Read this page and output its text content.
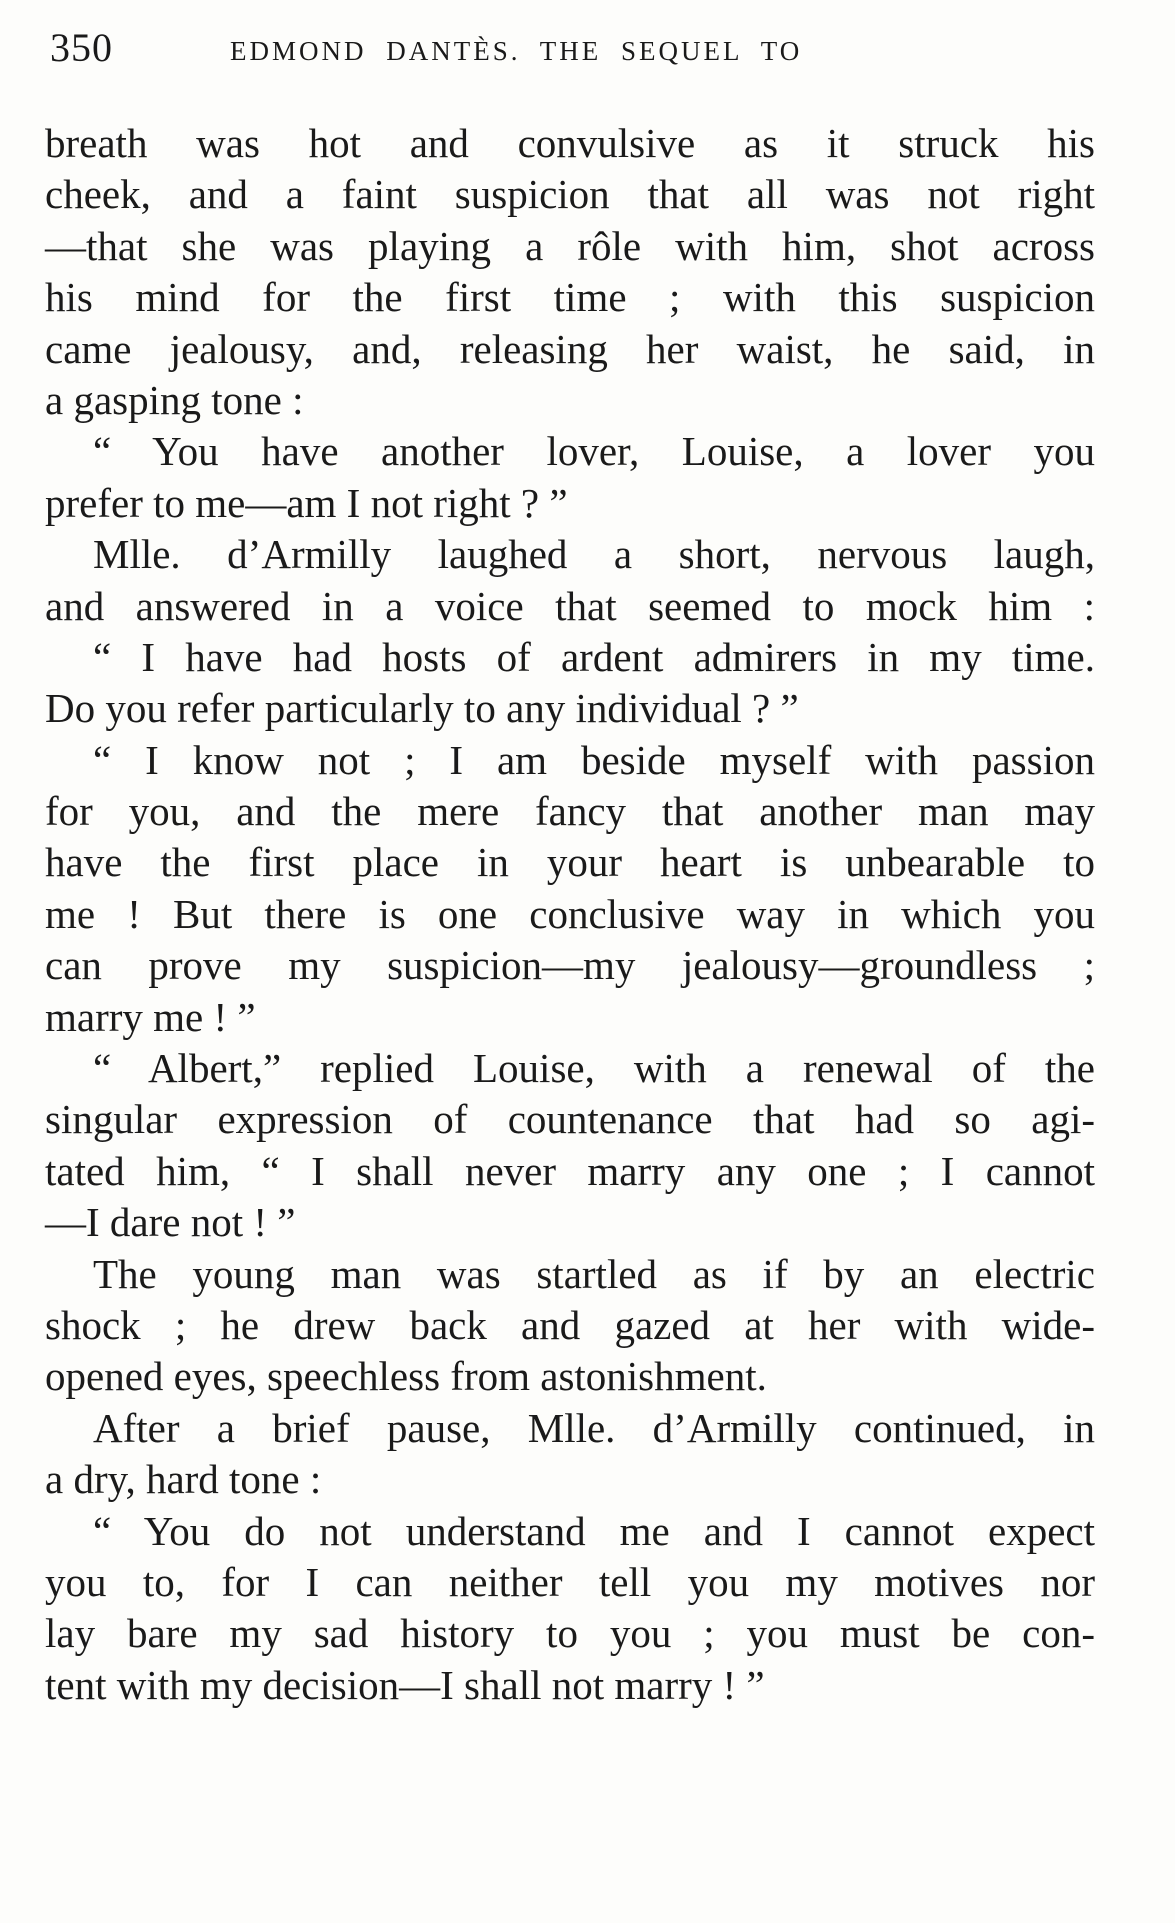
350	EDMOND DANTÈS. THE SEQUEL TO
breath was hot and convulsive as it struck his
cheek, and a faint suspicion that all was not right
—that she was playing a rôle with him, shot across
his mind for the first time ; with this suspicion
came jealousy, and, releasing her waist, he said, in
a gasping tone :
“ You have another lover, Louise, a lover you
prefer to me—am I not right ? ”
Mlle. d’Armilly laughed a short, nervous laugh,
and answered in a voice that seemed to mock him :
“ I have had hosts of ardent admirers in my time.
Do you refer particularly to any individual ? ”
“ I know not ; I am beside myself with passion
for you, and the mere fancy that another man may
have the first place in your heart is unbearable to
me ! But there is one conclusive way in which you
can prove my suspicion—my jealousy—groundless ;
marry me ! ”
“ Albert,” replied Louise, with a renewal of the
singular expression of countenance that had so agi-
tated him, “ I shall never marry any one ; I cannot
—I dare not ! ”
The young man was startled as if by an electric
shock ; he drew back and gazed at her with wide-
opened eyes, speechless from astonishment.
After a brief pause, Mlle. d’Armilly continued, in
a dry, hard tone :
“ You do not understand me and I cannot expect
you to, for I can neither tell you my motives nor
lay bare my sad history to you ; you must be con-
tent with my decision—I shall not marry ! ”
